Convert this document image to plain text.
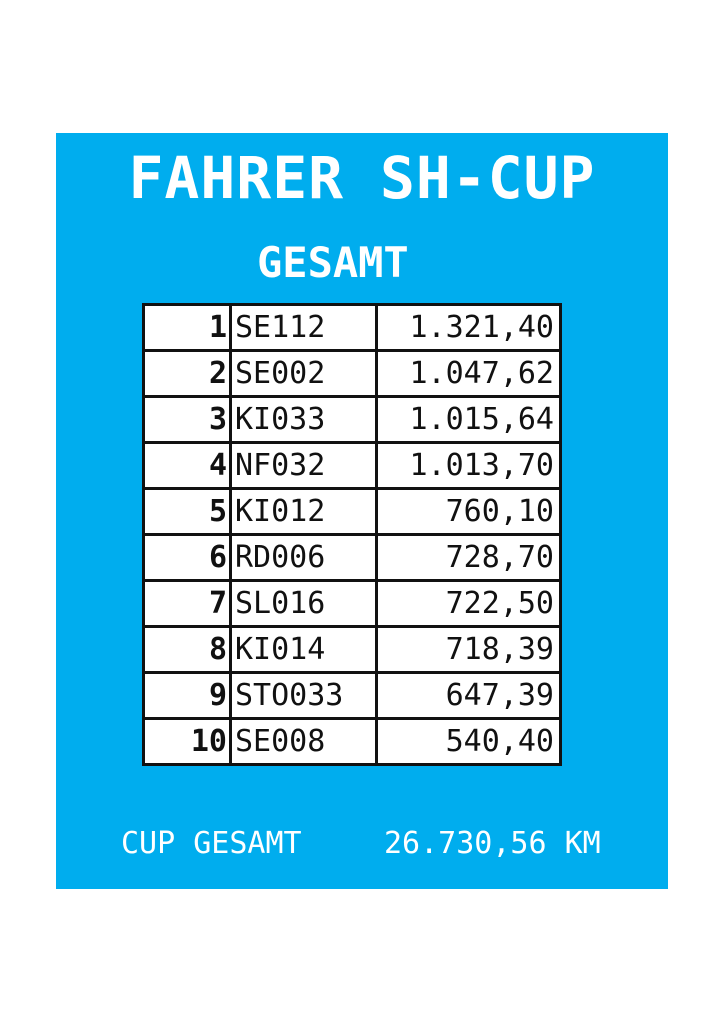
FAHRER SH-CUP
GESAMT
1	SE112	1.321,40
2	SE002	1.047,62
3	KI033	1.015,64
4	NF032	1.013,70
5	KI012	760,10
6	RD006	728,70
7	SL016	722,50
8	KI014	718,39
9	STO033	647,39
10	SE008	540,40
CUP GESAMT	26.730,56 KM
